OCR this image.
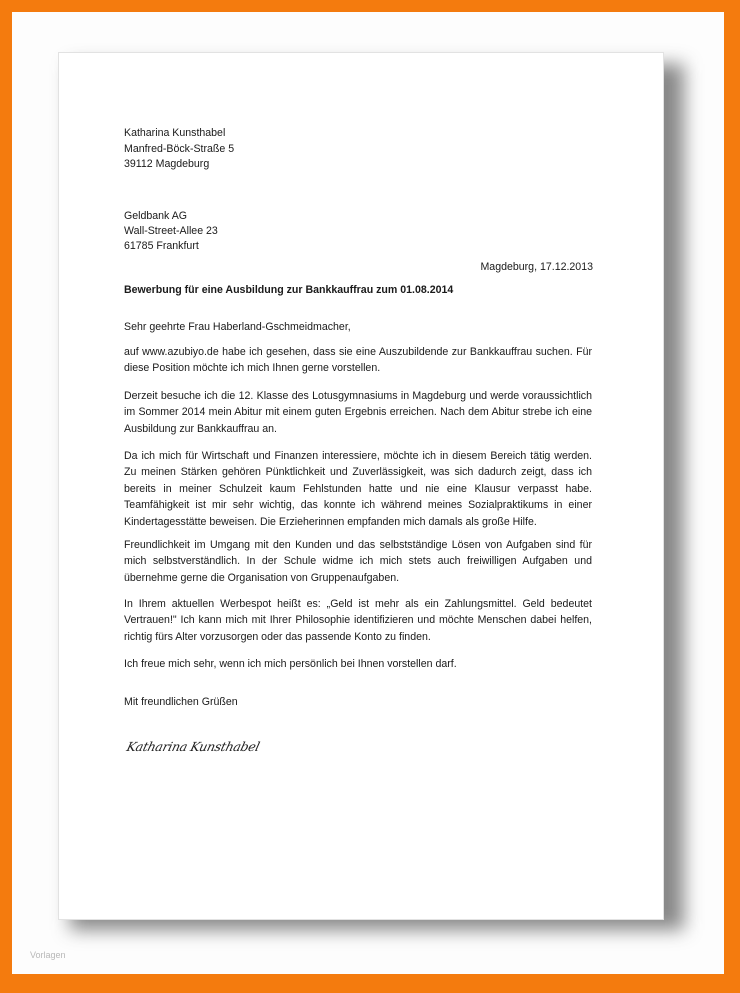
Katharina Kunsthabel

Manfred-Böck-Straße 5

39112 Magdeburg

Geldbank AG

Wall-Street-Allee 23

61785 Frankfurt

Magdeburg, 17.12.2013

Bewerbung für eine Ausbildung zur Bankkauffrau zum 01.08.2014

Sehr geehrte Frau Haberland-Gschmeidmacher,

auf www.azubiyo.de habe ich gesehen, dass sie eine Auszubildende zur Bankkauffrau suchen. Für diese Position möchte ich mich Ihnen gerne vorstellen.

Derzeit besuche ich die 12. Klasse des Lotusgymnasiums in Magdeburg und werde voraussichtlich im Sommer 2014 mein Abitur mit einem guten Ergebnis erreichen. Nach dem Abitur strebe ich eine Ausbildung zur Bankkauffrau an.

Da ich mich für Wirtschaft und Finanzen interessiere, möchte ich in diesem Bereich tätig werden. Zu meinen Stärken gehören Pünktlichkeit und Zuverlässigkeit, was sich dadurch zeigt, dass ich bereits in meiner Schulzeit kaum Fehlstunden hatte und nie eine Klausur verpasst habe. Teamfähigkeit ist mir sehr wichtig, das konnte ich während meines Sozialpraktikums in einer Kindertagesstätte beweisen. Die Erzieherinnen empfanden mich damals als große Hilfe.

Freundlichkeit im Umgang mit den Kunden und das selbstständige Lösen von Aufgaben sind für mich selbstverständlich. In der Schule widme ich mich stets auch freiwilligen Aufgaben und übernehme gerne die Organisation von Gruppenaufgaben.

In Ihrem aktuellen Werbespot heißt es: „Geld ist mehr als ein Zahlungsmittel. Geld bedeutet Vertrauen!" Ich kann mich mit Ihrer Philosophie identifizieren und möchte Menschen dabei helfen, richtig fürs Alter vorzusorgen oder das passende Konto zu finden.

Ich freue mich sehr, wenn ich mich persönlich bei Ihnen vorstellen darf.

Mit freundlichen Grüßen

Katharina Kunsthabel
Vorlagen
